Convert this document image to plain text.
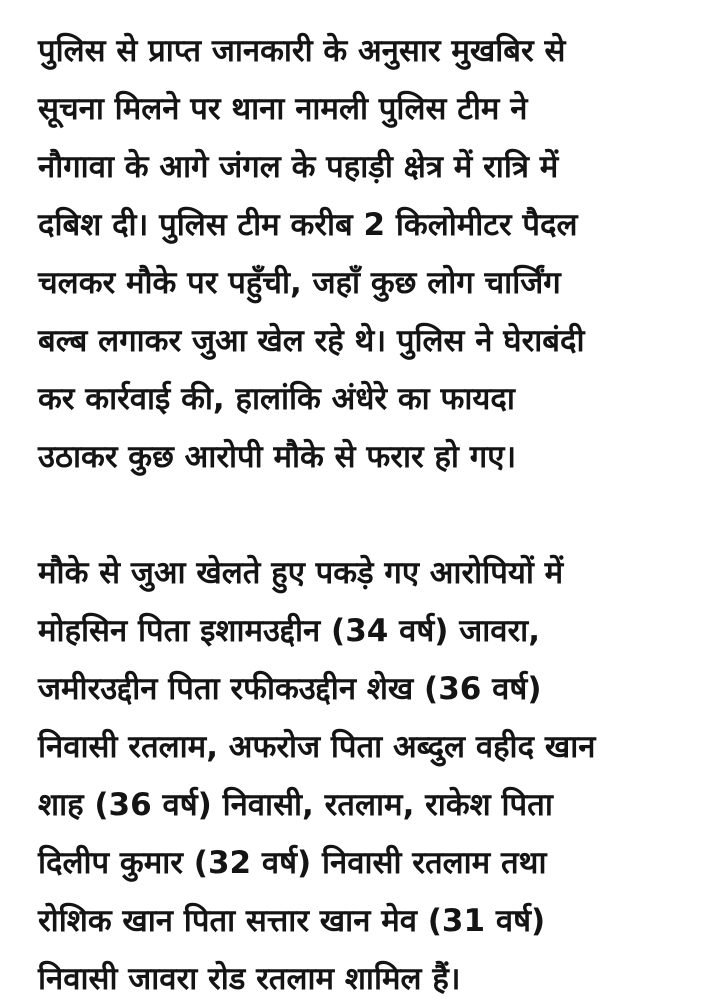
पुलिस से प्राप्त जानकारी के अनुसार मुखबिर से
सूचना मिलने पर थाना नामली पुलिस टीम ने
नौगावा के आगे जंगल के पहाड़ी क्षेत्र में रात्रि में
दबिश दी। पुलिस टीम करीब 2 किलोमीटर पैदल
चलकर मौके पर पहुँची, जहाँ कुछ लोग चार्जिंग
बल्ब लगाकर जुआ खेल रहे थे। पुलिस ने घेराबंदी
कर कार्रवाई की, हालांकि अंधेरे का फायदा
उठाकर कुछ आरोपी मौके से फरार हो गए।
मौके से जुआ खेलते हुए पकड़े गए आरोपियों में
मोहसिन पिता इशामउद्दीन (34 वर्ष) जावरा,
जमीरउद्दीन पिता रफीकउद्दीन शेख (36 वर्ष)
निवासी रतलाम, अफरोज पिता अब्दुल वहीद खान
शाह (36 वर्ष) निवासी, रतलाम, राकेश पिता
दिलीप कुमार (32 वर्ष) निवासी रतलाम तथा
रोशिक खान पिता सत्तार खान मेव (31 वर्ष)
निवासी जावरा रोड रतलाम शामिल हैं।
